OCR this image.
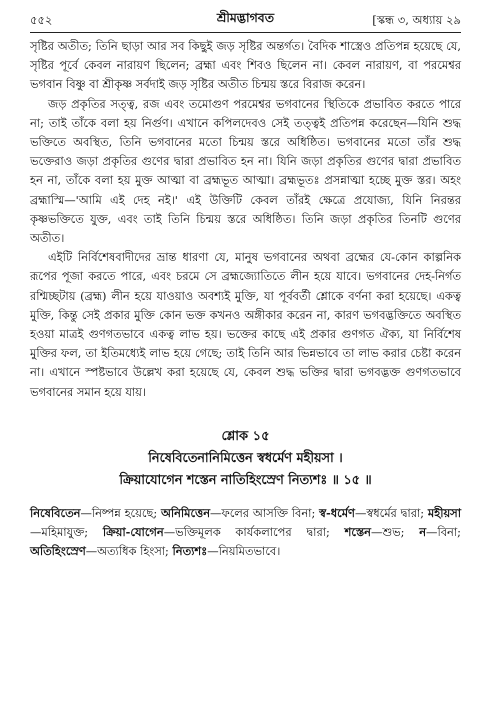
৫৫২	শ্রীমদ্ভাগবত	[স্কন্ধ ৩, অধ্যায় ২৯

সৃষ্টির অতীত; তিনি ছাড়া আর সব কিছুই জড় সৃষ্টির অন্তর্গত। বৈদিক শাস্ত্রেও প্রতিপন্ন হয়েছে যে, সৃষ্টির পূর্বে কেবল নারায়ণ ছিলেন; ব্রহ্মা এবং শিবও ছিলেন না। কেবল নারায়ণ, বা পরমেশ্বর ভগবান বিষ্ণু বা শ্রীকৃষ্ণ সর্বদাই জড় সৃষ্টির অতীত চিন্ময় স্তরে বিরাজ করেন।

জড় প্রকৃতির সত্ত্ব, রজ এবং তমোগুণ পরমেশ্বর ভগবানের স্থিতিকে প্রভাবিত করতে পারে না; তাই তাঁকে বলা হয় নির্গুণ। এখানে কপিলদেবও সেই তত্ত্বই প্রতিপন্ন করেছেন—যিনি শুদ্ধ ভক্তিতে অবস্থিত, তিনি ভগবানের মতো চিন্ময় স্তরে অধিষ্ঠিত। ভগবানের মতো তাঁর শুদ্ধ ভক্তেরাও জড়া প্রকৃতির গুণের দ্বারা প্রভাবিত হন না। যিনি জড়া প্রকৃতির গুণের দ্বারা প্রভাবিত হন না, তাঁকে বলা হয় মুক্ত আত্মা বা ব্রহ্মভূত আত্মা। ব্রহ্মভূতঃ প্রসন্নাত্মা হচ্ছে মুক্ত স্তর। অহং ব্রহ্মাস্মি—'আমি এই দেহ নই।' এই উক্তিটি কেবল তাঁরই ক্ষেত্রে প্রযোজ্য, যিনি নিরন্তর কৃষ্ণভক্তিতে যুক্ত, এবং তাই তিনি চিন্ময় স্তরে অধিষ্ঠিত। তিনি জড়া প্রকৃতির তিনটি গুণের অতীত।

এইটি নির্বিশেষবাদীদের ভ্রান্ত ধারণা যে, মানুষ ভগবানের অথবা ব্রহ্মের যে-কোন কাল্পনিক রূপের পূজা করতে পারে, এবং চরমে সে ব্রহ্মজ্যোতিতে লীন হয়ে যাবে। ভগবানের দেহ-নির্গত রশ্মিচ্ছটায় (ব্রহ্ম) লীন হয়ে যাওয়াও অবশ্যই মুক্তি, যা পূর্ববর্তী শ্লোকে বর্ণনা করা হয়েছে। একত্ব মুক্তি, কিন্তু সেই প্রকার মুক্তি কোন ভক্ত কখনও অঙ্গীকার করেন না, কারণ ভগবদ্ভক্তিতে অবস্থিত হওয়া মাত্রই গুণগতভাবে একত্ব লাভ হয়। ভক্তের কাছে এই প্রকার গুণগত ঐক্য, যা নির্বিশেষ মুক্তির ফল, তা ইতিমধ্যেই লাভ হয়ে গেছে; তাই তিনি আর ভিন্নভাবে তা লাভ করার চেষ্টা করেন না। এখানে স্পষ্টভাবে উল্লেখ করা হয়েছে যে, কেবল শুদ্ধ ভক্তির দ্বারা ভগবদ্ভক্ত গুণগতভাবে ভগবানের সমান হয়ে যায়।

শ্লোক ১৫

নিষেবিতেনানিমিত্তেন স্বধর্মেণ মহীয়সা ।

ক্রিয়াযোগেন শস্তেন নাতিহিংস্রেণ নিত্যশঃ ॥ ১৫ ॥

নিষেবিতেন—নিষ্পন্ন হয়েছে; অনিমিত্তেন—ফলের আসক্তি বিনা; স্ব-ধর্মেণ—স্বধর্মের দ্বারা; মহীয়সা—মহিমাযুক্ত; ক্রিয়া-যোগেন—ভক্তিমূলক কার্যকলাপের দ্বারা; শস্তেন—শুভ; ন—বিনা; অতিহিংস্রেণ—অত্যধিক হিংসা; নিত্যশঃ—নিয়মিতভাবে।
